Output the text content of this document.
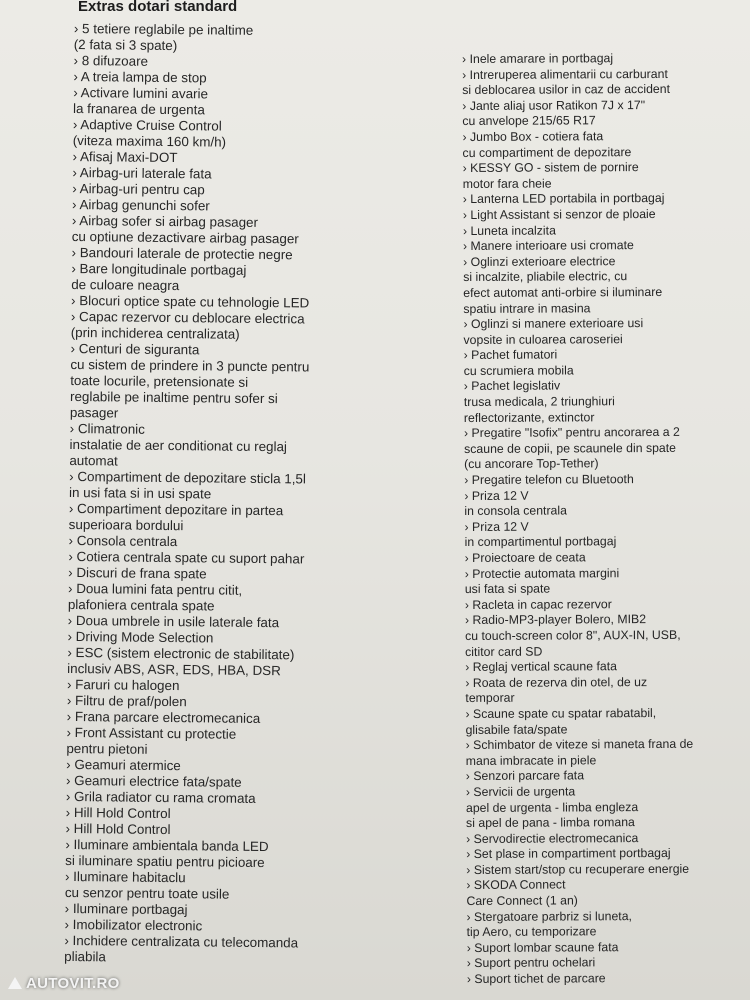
Extras dotari standard
› 5 tetiere reglabile pe inaltime
(2 fata si 3 spate)
› 8 difuzoare
› A treia lampa de stop
› Activare lumini avarie
la franarea de urgenta
› Adaptive Cruise Control
(viteza maxima 160 km/h)
› Afisaj Maxi-DOT
› Airbag-uri laterale fata
› Airbag-uri pentru cap
› Airbag genunchi sofer
› Airbag sofer si airbag pasager
cu optiune dezactivare airbag pasager
› Bandouri laterale de protectie negre
› Bare longitudinale portbagaj
de culoare neagra
› Blocuri optice spate cu tehnologie LED
› Capac rezervor cu deblocare electrica
(prin inchiderea centralizata)
› Centuri de siguranta
cu sistem de prindere in 3 puncte pentru
toate locurile, pretensionate si
reglabile pe inaltime pentru sofer si
pasager
› Climatronic
instalatie de aer conditionat cu reglaj
automat
› Compartiment de depozitare sticla 1,5l
in usi fata si in usi spate
› Compartiment depozitare in partea
superioara bordului
› Consola centrala
› Cotiera centrala spate cu suport pahar
› Discuri de frana spate
› Doua lumini fata pentru citit,
plafoniera centrala spate
› Doua umbrele in usile laterale fata
› Driving Mode Selection
› ESC (sistem electronic de stabilitate)
inclusiv ABS, ASR, EDS, HBA, DSR
› Faruri cu halogen
› Filtru de praf/polen
› Frana parcare electromecanica
› Front Assistant cu protectie
pentru pietoni
› Geamuri atermice
› Geamuri electrice fata/spate
› Grila radiator cu rama cromata
› Hill Hold Control
› Hill Hold Control
› Iluminare ambientala banda LED
si iluminare spatiu pentru picioare
› Iluminare habitaclu
cu senzor pentru toate usile
› Iluminare portbagaj
› Imobilizator electronic
› Inchidere centralizata cu telecomanda
pliabila
› Inele amarare in portbagaj
› Intreruperea alimentarii cu carburant
si deblocarea usilor in caz de accident
› Jante aliaj usor Ratikon 7J x 17"
cu anvelope 215/65 R17
› Jumbo Box - cotiera fata
cu compartiment de depozitare
› KESSY GO - sistem de pornire
motor fara cheie
› Lanterna LED portabila in portbagaj
› Light Assistant si senzor de ploaie
› Luneta incalzita
› Manere interioare usi cromate
› Oglinzi exterioare electrice
si incalzite, pliabile electric, cu
efect automat anti-orbire si iluminare
spatiu intrare in masina
› Oglinzi si manere exterioare usi
vopsite in culoarea caroseriei
› Pachet fumatori
cu scrumiera mobila
› Pachet legislativ
trusa medicala, 2 triunghiuri
reflectorizante, extinctor
› Pregatire "Isofix" pentru ancorarea a 2
scaune de copii, pe scaunele din spate
(cu ancorare Top-Tether)
› Pregatire telefon cu Bluetooth
› Priza 12 V
in consola centrala
› Priza 12 V
in compartimentul portbagaj
› Proiectoare de ceata
› Protectie automata margini
usi fata si spate
› Racleta in capac rezervor
› Radio-MP3-player Bolero, MIB2
cu touch-screen color 8", AUX-IN, USB,
cititor card SD
› Reglaj vertical scaune fata
› Roata de rezerva din otel, de uz
temporar
› Scaune spate cu spatar rabatabil,
glisabile fata/spate
› Schimbator de viteze si maneta frana de
mana imbracate in piele
› Senzori parcare fata
› Servicii de urgenta
apel de urgenta - limba engleza
si apel de pana - limba romana
› Servodirectie electromecanica
› Set plase in compartiment portbagaj
› Sistem start/stop cu recuperare energie
› SKODA Connect
Care Connect (1 an)
› Stergatoare parbriz si luneta,
tip Aero, cu temporizare
› Suport lombar scaune fata
› Suport pentru ochelari
› Suport tichet de parcare
AUTOVIT.RO
